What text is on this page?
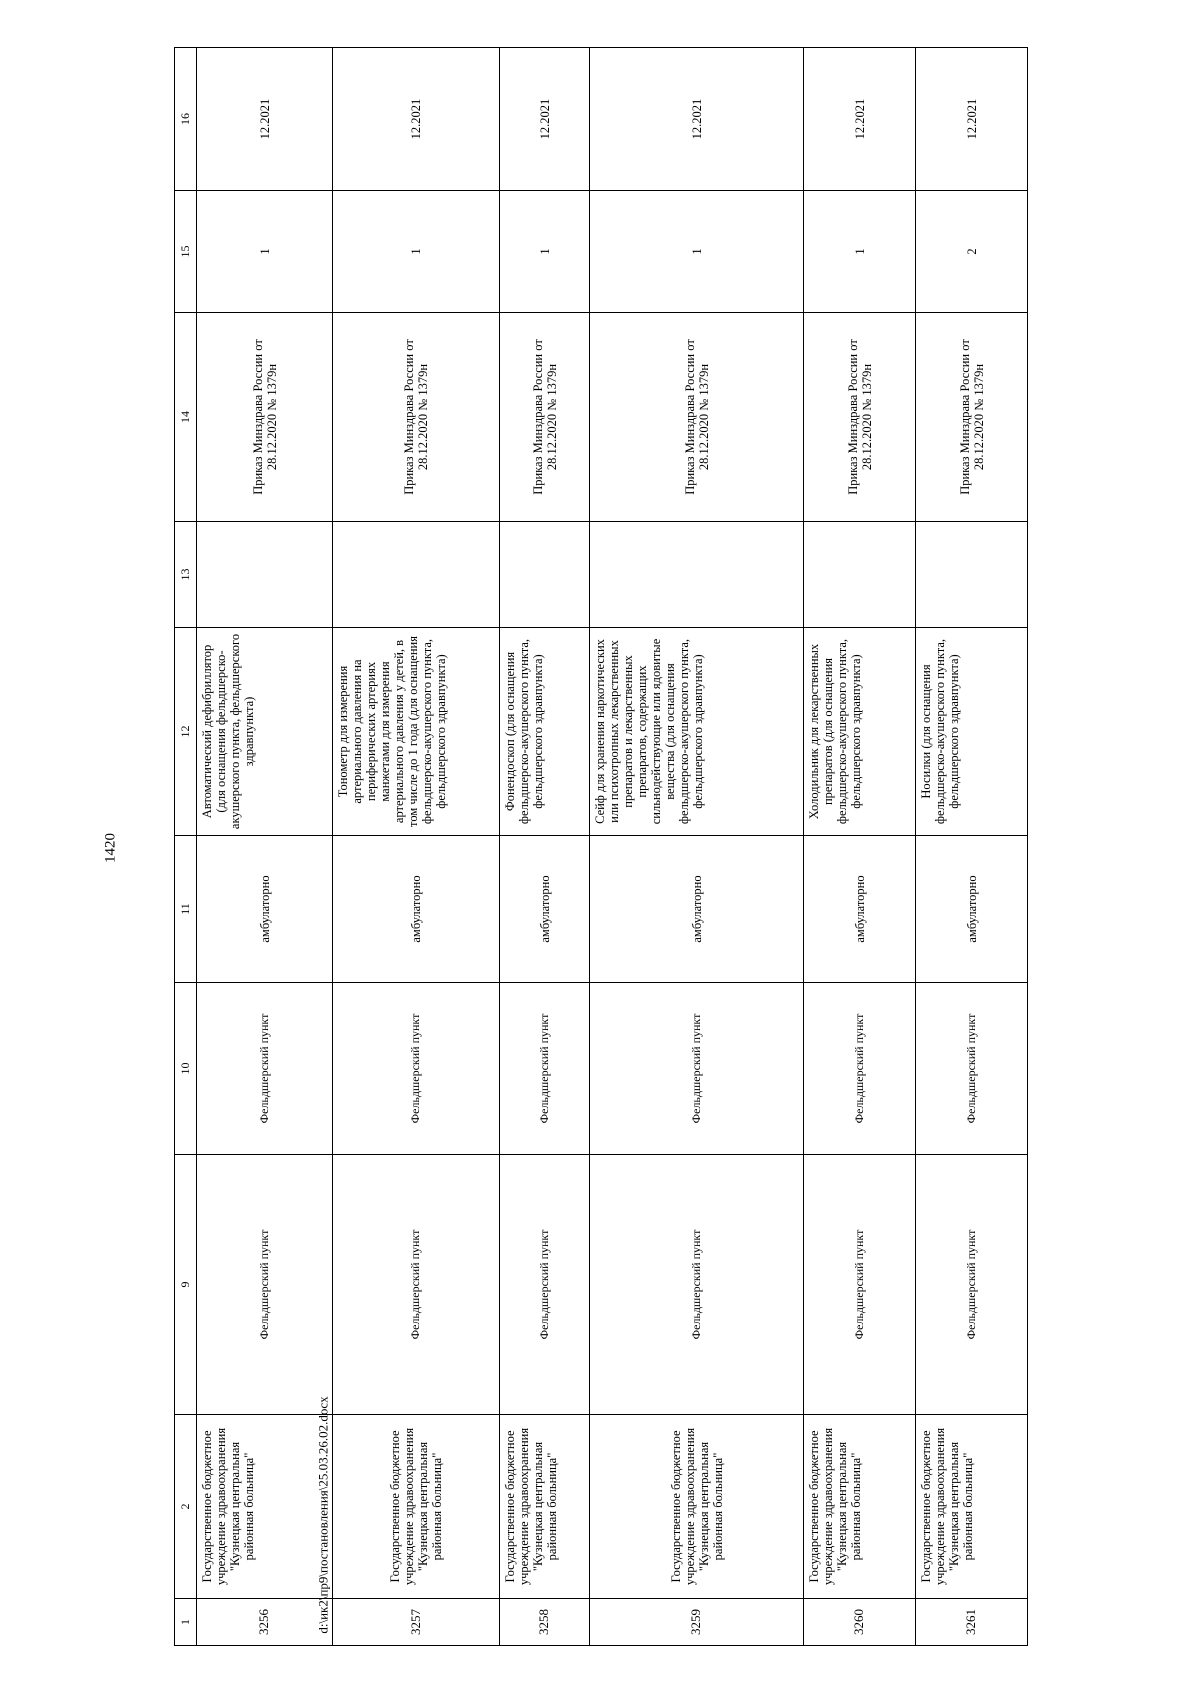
1420
1	2	9	10	11	12	13	14	15	16
3256	Государственное бюджетное учреждение здравоохранения "Кузнецкая центральная районная больница"	Фельдшерский пункт	Фельдшерский пункт	амбулаторно	Автоматический дефибриллятор (для оснащения фельдшерско-акушерского пункта, фельдшерского здравпункта)		Приказ Минздрава России от 28.12.2020 № 1379н	1	12.2021
3257	Государственное бюджетное учреждение здравоохранения "Кузнецкая центральная районная больница"	Фельдшерский пункт	Фельдшерский пункт	амбулаторно	Тонометр для измерения артериального давления на периферических артериях манжетами для измерения артериального давления у детей, в том числе до 1 года (для оснащения фельдшерско-акушерского пункта, фельдшерского здравпункта)		Приказ Минздрава России от 28.12.2020 № 1379н	1	12.2021
3258	Государственное бюджетное учреждение здравоохранения "Кузнецкая центральная районная больница"	Фельдшерский пункт	Фельдшерский пункт	амбулаторно	Фонендоскоп (для оснащения фельдшерско-акушерского пункта, фельдшерского здравпункта)		Приказ Минздрава России от 28.12.2020 № 1379н	1	12.2021
3259	Государственное бюджетное учреждение здравоохранения "Кузнецкая центральная районная больница"	Фельдшерский пункт	Фельдшерский пункт	амбулаторно	Сейф для хранения наркотических или психотропных лекарственных препаратов и лекарственных препаратов, содержащих сильнодействующие или ядовитые вещества (для оснащения фельдшерско-акушерского пункта, фельдшерского здравпункта)		Приказ Минздрава России от 28.12.2020 № 1379н	1	12.2021
3260	Государственное бюджетное учреждение здравоохранения "Кузнецкая центральная районная больница"	Фельдшерский пункт	Фельдшерский пункт	амбулаторно	Холодильник для лекарственных препаратов (для оснащения фельдшерско-акушерского пункта, фельдшерского здравпункта)		Приказ Минздрава России от 28.12.2020 № 1379н	1	12.2021
3261	Государственное бюджетное учреждение здравоохранения "Кузнецкая центральная районная больница"	Фельдшерский пункт	Фельдшерский пункт	амбулаторно	Носилки (для оснащения фельдшерско-акушерского пункта, фельдшерского здравпункта)		Приказ Минздрава России от 28.12.2020 № 1379н	2	12.2021
d:\ик2\пр9\постановления\25.03.26.02.docx
